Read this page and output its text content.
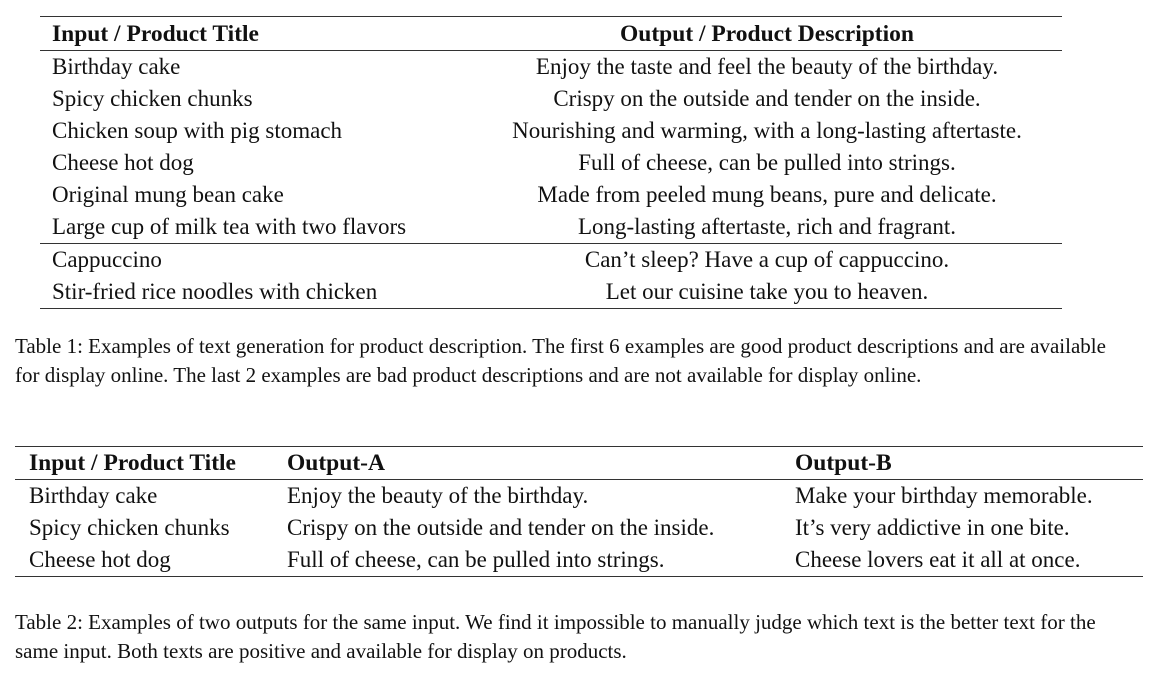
Input / Product Title	Output / Product Description
Birthday cake	Enjoy the taste and feel the beauty of the birthday.
Spicy chicken chunks	Crispy on the outside and tender on the inside.
Chicken soup with pig stomach	Nourishing and warming, with a long-lasting aftertaste.
Cheese hot dog	Full of cheese, can be pulled into strings.
Original mung bean cake	Made from peeled mung beans, pure and delicate.
Large cup of milk tea with two flavors	Long-lasting aftertaste, rich and fragrant.
Cappuccino	Can’t sleep? Have a cup of cappuccino.
Stir-fried rice noodles with chicken	Let our cuisine take you to heaven.

Table 1: Examples of text generation for product description. The first 6 examples are good product descriptions and are available for display online. The last 2 examples are bad product descriptions and are not available for display online.

Input / Product Title	Output-A	Output-B
Birthday cake	Enjoy the beauty of the birthday.	Make your birthday memorable.
Spicy chicken chunks	Crispy on the outside and tender on the inside.	It’s very addictive in one bite.
Cheese hot dog	Full of cheese, can be pulled into strings.	Cheese lovers eat it all at once.

Table 2: Examples of two outputs for the same input. We find it impossible to manually judge which text is the better text for the same input. Both texts are positive and available for display on products.
